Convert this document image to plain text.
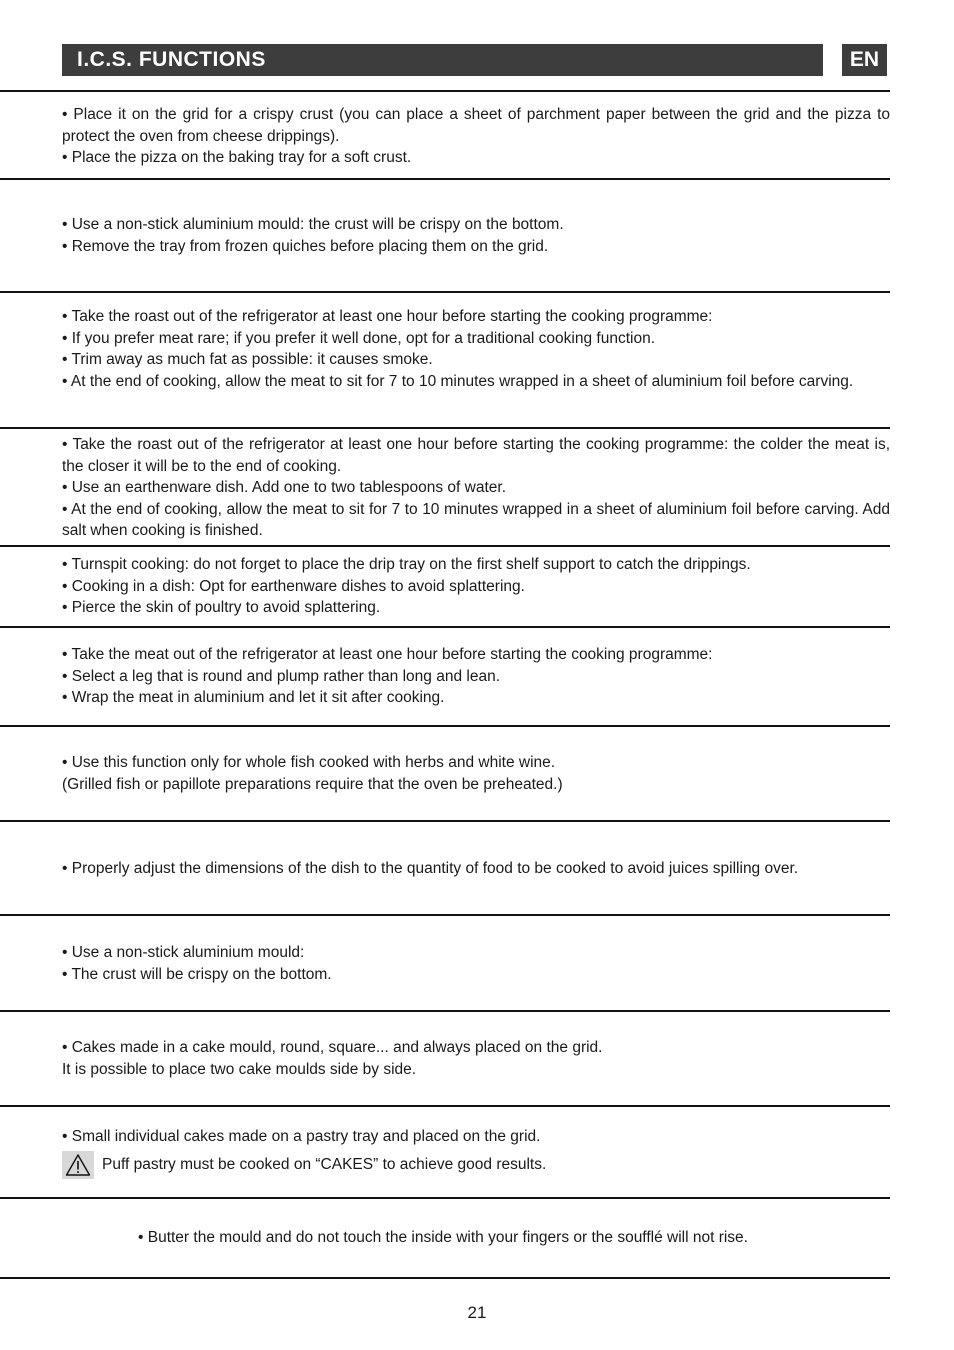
I.C.S. FUNCTIONS	EN

• Place it on the grid for a crispy crust (you can place a sheet of parchment paper between the grid and the pizza to protect the oven from cheese drippings).

• Place the pizza on the baking tray for a soft crust.

• Use a non-stick aluminium mould: the crust will be crispy on the bottom.

• Remove the tray from frozen quiches before placing them on the grid.

• Take the roast out of the refrigerator at least one hour before starting the cooking programme:

• If you prefer meat rare; if you prefer it well done, opt for a traditional cooking function.

• Trim away as much fat as possible: it causes smoke.

• At the end of cooking, allow the meat to sit for 7 to 10 minutes wrapped in a sheet of aluminium foil before carving.

• Take the roast out of the refrigerator at least one hour before starting the cooking programme: the colder the meat is, the closer it will be to the end of cooking.

• Use an earthenware dish. Add one to two tablespoons of water.

• At the end of cooking, allow the meat to sit for 7 to 10 minutes wrapped in a sheet of aluminium foil before carving. Add salt when cooking is finished.

• Turnspit cooking: do not forget to place the drip tray on the first shelf support to catch the drippings.

• Cooking in a dish: Opt for earthenware dishes to avoid splattering.

• Pierce the skin of poultry to avoid splattering.

• Take the meat out of the refrigerator at least one hour before starting the cooking programme:

• Select a leg that is round and plump rather than long and lean.

• Wrap the meat in aluminium and let it sit after cooking.

• Use this function only for whole fish cooked with herbs and white wine.

(Grilled fish or papillote preparations require that the oven be preheated.)

• Properly adjust the dimensions of the dish to the quantity of food to be cooked to avoid juices spilling over.

• Use a non-stick aluminium mould:

• The crust will be crispy on the bottom.

• Cakes made in a cake mould, round, square... and always placed on the grid.

It is possible to place two cake moulds side by side.

• Small individual cakes made on a pastry tray and placed on the grid.

Puff pastry must be cooked on “CAKES” to achieve good results.

• Butter the mould and do not touch the inside with your fingers or the soufflé will not rise.

21
